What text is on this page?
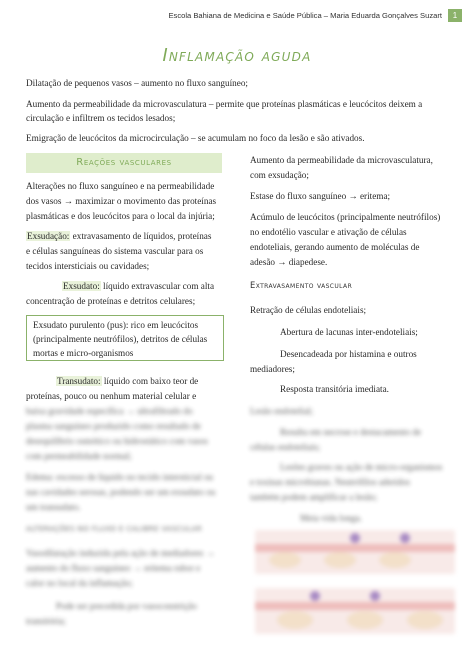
Escola Bahiana de Medicina e Saúde Pública – Maria Eduarda Gonçalves Suzart	1
Inflamação aguda
Dilatação de pequenos vasos – aumento no fluxo sanguíneo;
Aumento da permeabilidade da microvasculatura – permite que proteínas plasmáticas e leucócitos deixem a
circulação e infiltrem os tecidos lesados;
Emigração de leucócitos da microcirculação – se acumulam no foco da lesão e são ativados.
Reações vasculares
Alterações no fluxo sanguíneo e na permeabilidade
dos vasos → maximizar o movimento das proteínas
plasmáticas e dos leucócitos para o local da injúria;
Exsudação: extravasamento de líquidos, proteínas
e células sanguíneas do sistema vascular para os
tecidos intersticiais ou cavidades;
Exsudato: líquido extravascular com alta
concentração de proteínas e detritos celulares;
Exsudato purulento (pus): rico em leucócitos
(principalmente neutrófilos), detritos de células
mortas e micro-organismos
Transudato: líquido com baixo teor de
proteínas, pouco ou nenhum material celular e
baixa gravidade específica → ultrafiltrado do
plasma sanguíneo produzido como resultado de
desequilíbrio osmótico ou hidrostático com vasos
com permeabilidade normal;
Edema: excesso de líquido no tecido intersticial ou
nas cavidades serosas, podendo ser um exsudato ou
um transudato.
ALTERAÇÕES NO FLUXO E CALIBRE VASCULAR
Vasodilatação induzida pela ação de mediadores →
aumento do fluxo sanguíneo → eritema rubor e
calor no local da inflamação;
Pode ser precedida por vasoconstrição
transitória;
Aumento da permeabilidade da microvasculatura,
com exsudação;
Estase do fluxo sanguíneo → eritema;
Acúmulo de leucócitos (principalmente neutrófilos)
no endotélio vascular e ativação de células
endoteliais, gerando aumento de moléculas de
adesão → diapedese.
Extravasamento vascular
Retração de células endoteliais;
Abertura de lacunas inter-endoteliais;
Desencadeada por histamina e outros
mediadores;
Resposta transitória imediata.
Lesão endotelial;
Resulta em necrose e destacamento de
células endoteliais;
Lesões graves ou ação de micro-organismos
e toxinas microbianas. Neutrófilos aderidos
também podem amplificar a lesão;
Meia vida longa.
